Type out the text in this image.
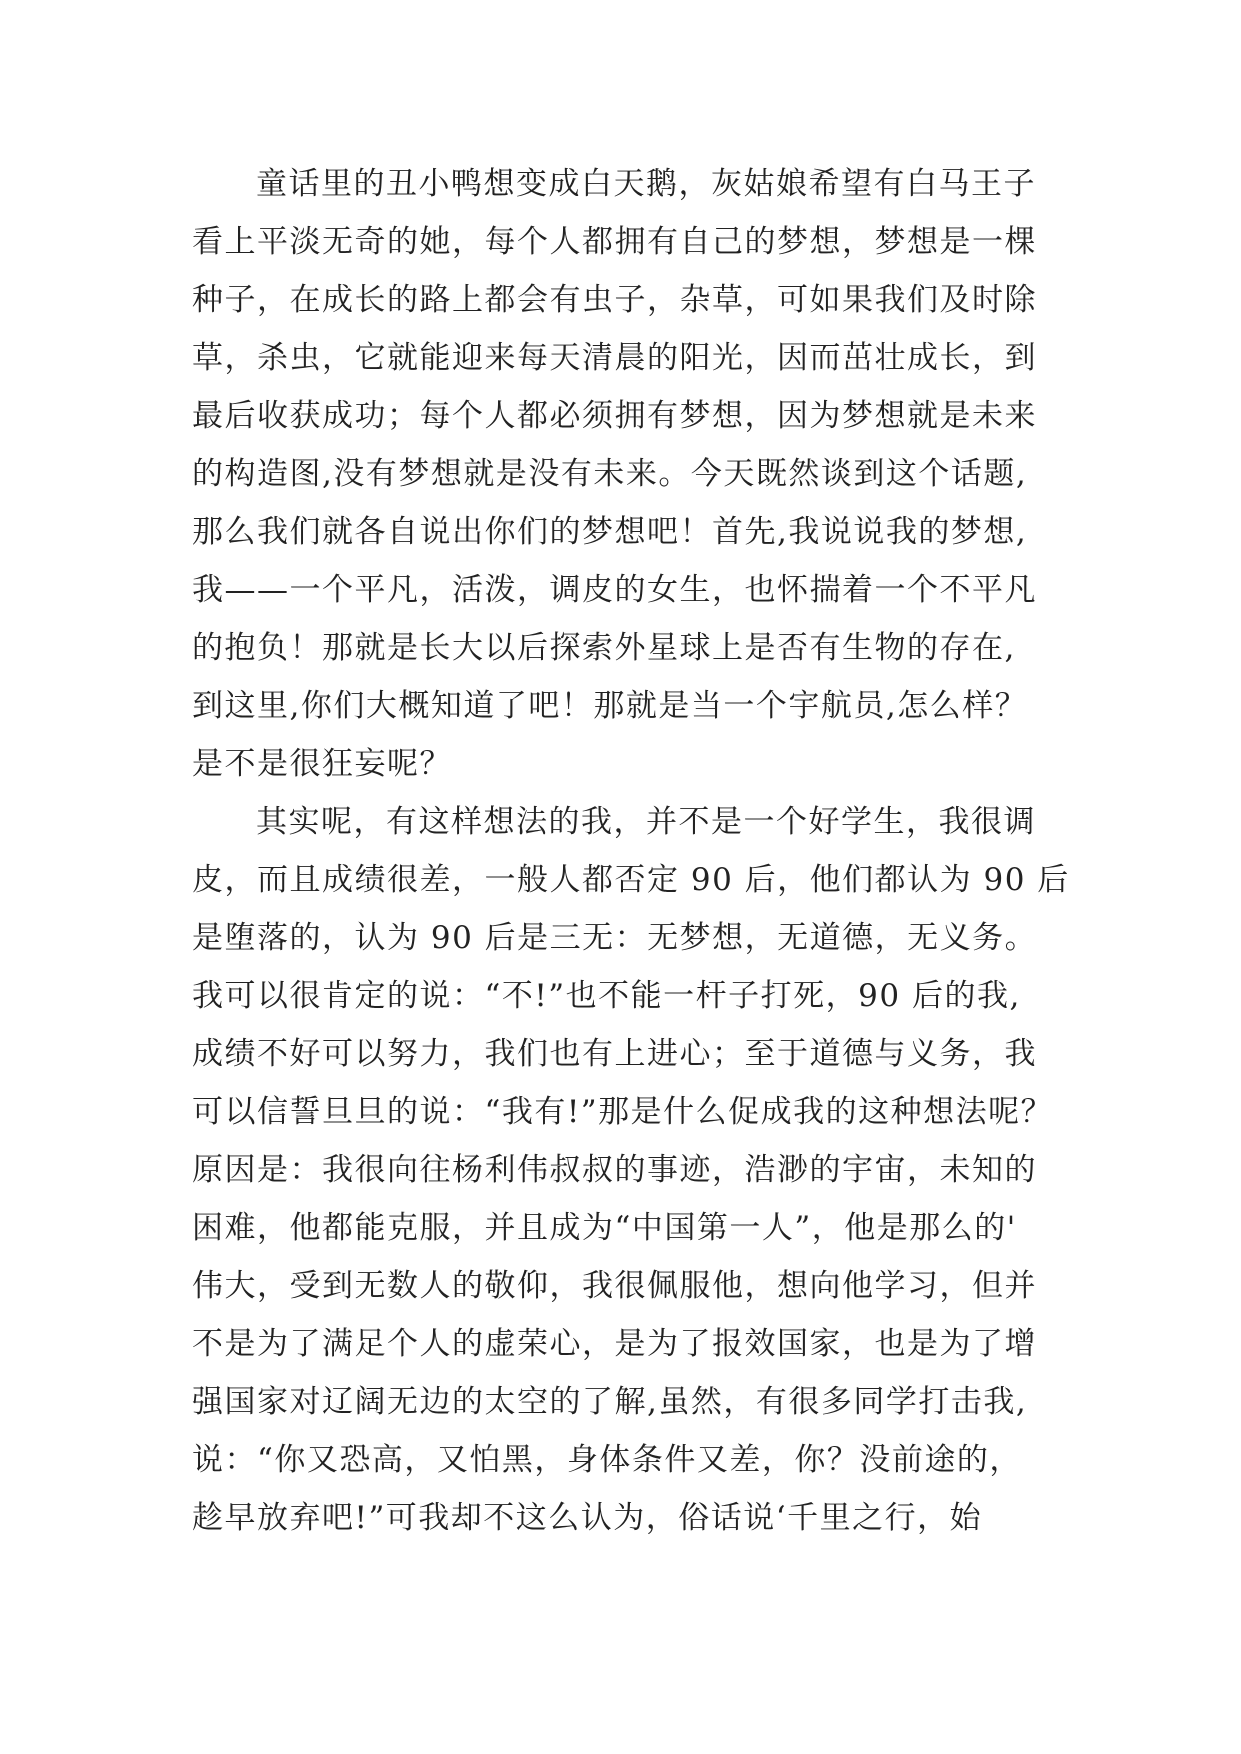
童话里的丑小鸭想变成白天鹅，灰姑娘希望有白马王子
看上平淡无奇的她，每个人都拥有自己的梦想，梦想是一棵
种子，在成长的路上都会有虫子，杂草，可如果我们及时除
草，杀虫，它就能迎来每天清晨的阳光，因而茁壮成长，到
最后收获成功；每个人都必须拥有梦想，因为梦想就是未来
的构造图,没有梦想就是没有未来。今天既然谈到这个话题,
那么我们就各自说出你们的梦想吧！首先,我说说我的梦想,
我——一个平凡，活泼，调皮的女生，也怀揣着一个不平凡
的抱负！那就是长大以后探索外星球上是否有生物的存在,
到这里,你们大概知道了吧！那就是当一个宇航员,怎么样？
是不是很狂妄呢？
其实呢，有这样想法的我，并不是一个好学生，我很调
皮，而且成绩很差，一般人都否定 90 后，他们都认为 90 后
是堕落的，认为 90 后是三无：无梦想，无道德，无义务。
我可以很肯定的说：“不!”也不能一杆子打死，90 后的我,
成绩不好可以努力，我们也有上进心；至于道德与义务，我
可以信誓旦旦的说：“我有!”那是什么促成我的这种想法呢？
原因是：我很向往杨利伟叔叔的事迹，浩渺的宇宙，未知的
困难，他都能克服，并且成为“中国第一人”，他是那么的'
伟大，受到无数人的敬仰，我很佩服他，想向他学习，但并
不是为了满足个人的虚荣心，是为了报效国家，也是为了增
强国家对辽阔无边的太空的了解,虽然，有很多同学打击我,
说：“你又恐高，又怕黑，身体条件又差，你？没前途的，
趁早放弃吧!”可我却不这么认为，俗话说‘千里之行，始
